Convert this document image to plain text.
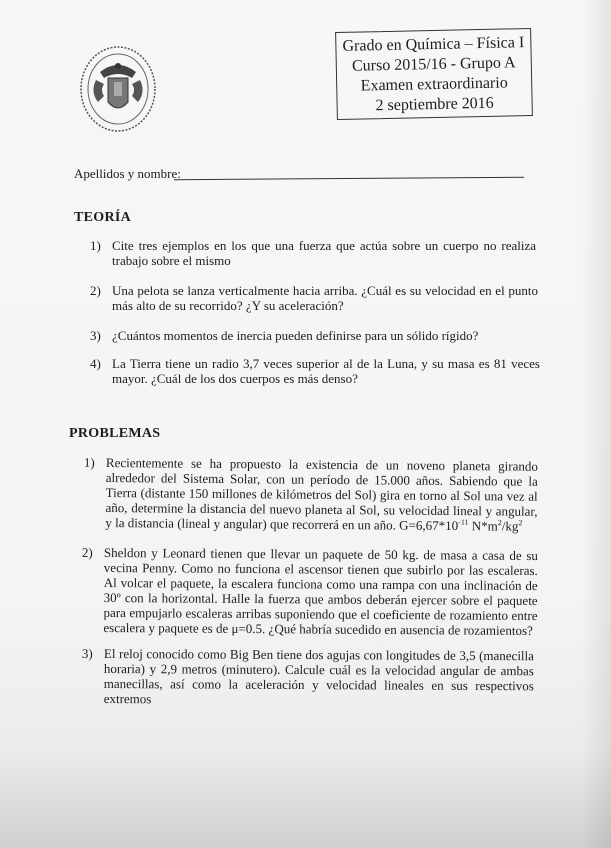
Grado en Química – Física I
Curso 2015/16 - Grupo A
Examen extraordinario
2 septiembre 2016
Apellidos y nombre:
TEORÍA
1) Cite tres ejemplos en los que una fuerza que actúa sobre un cuerpo no realiza trabajo sobre el mismo

2) Una pelota se lanza verticalmente hacia arriba. ¿Cuál es su velocidad en el punto más alto de su recorrido? ¿Y su aceleración?

3) ¿Cuántos momentos de inercia pueden definirse para un sólido rígido?

4) La Tierra tiene un radio 3,7 veces superior al de la Luna, y su masa es 81 veces mayor. ¿Cuál de los dos cuerpos es más denso?

PROBLEMAS
1) Recientemente se ha propuesto la existencia de un noveno planeta girando alrededor del Sistema Solar, con un período de 15.000 años. Sabiendo que la Tierra (distante 150 millones de kilómetros del Sol) gira en torno al Sol una vez al año, determine la distancia del nuevo planeta al Sol, su velocidad lineal y angular, y la distancia (lineal y angular) que recorrerá en un año. $G=6,67*10^{-11}$ $N*m^2/kg^2$

2) Sheldon y Leonard tienen que llevar un paquete de 50 kg. de masa a casa de su vecina Penny. Como no funciona el ascensor tienen que subirlo por las escaleras. Al volcar el paquete, la escalera funciona como una rampa con una inclinación de 30º con la horizontal. Halle la fuerza que ambos deberán ejercer sobre el paquete para empujarlo escaleras arribas suponiendo que el coeficiente de rozamiento entre escalera y paquete es de μ=0.5. ¿Qué habría sucedido en ausencia de rozamientos?

3) El reloj conocido como Big Ben tiene dos agujas con longitudes de 3,5 (manecilla horaria) y 2,9 metros (minutero). Calcule cuál es la velocidad angular de ambas manecillas, así como la aceleración y velocidad lineales en sus respectivos extremos
